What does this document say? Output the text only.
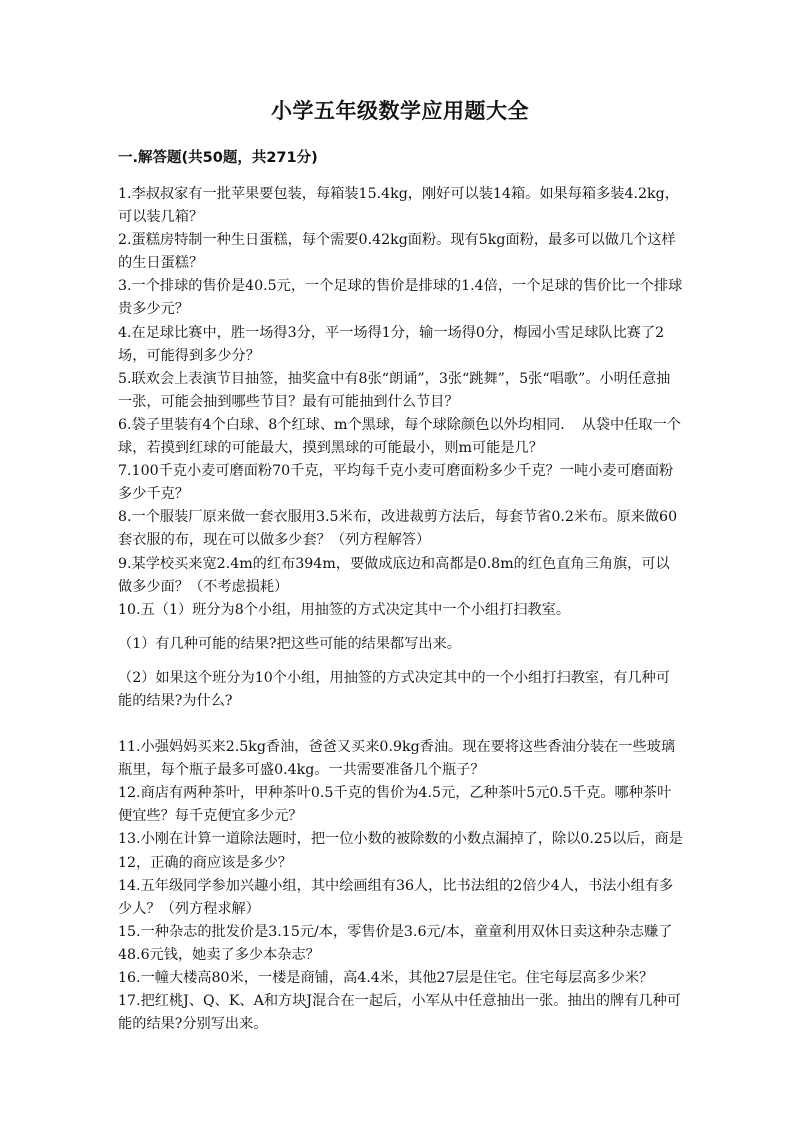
小学五年级数学应用题大全
一.解答题(共50题，共271分)

1.李叔叔家有一批苹果要包装，每箱装15.4kg，刚好可以装14箱。如果每箱多装4.2kg，可以装几箱？

2.蛋糕房特制一种生日蛋糕，每个需要0.42kg面粉。现有5kg面粉，最多可以做几个这样的生日蛋糕？

3.一个排球的售价是40.5元，一个足球的售价是排球的1.4倍，一个足球的售价比一个排球贵多少元？

4.在足球比赛中，胜一场得3分，平一场得1分，输一场得0分，梅园小雪足球队比赛了2场，可能得到多少分？

5.联欢会上表演节目抽签，抽奖盒中有8张“朗诵”，3张“跳舞”，5张“唱歌”。小明任意抽一张，可能会抽到哪些节目？最有可能抽到什么节目？

6.袋子里装有4个白球、8个红球、m个黑球，每个球除颜色以外均相同．　从袋中任取一个球，若摸到红球的可能最大，摸到黑球的可能最小，则m可能是几？

7.100千克小麦可磨面粉70千克，平均每千克小麦可磨面粉多少千克？一吨小麦可磨面粉多少千克？

8.一个服装厂原来做一套衣服用3.5米布，改进裁剪方法后，每套节省0.2米布。原来做60套衣服的布，现在可以做多少套？（列方程解答）

9.某学校买来宽2.4m的红布394m，要做成底边和高都是0.8m的红色直角三角旗，可以做多少面？（不考虑损耗）

10.五（1）班分为8个小组，用抽签的方式决定其中一个小组打扫教室。

（1）有几种可能的结果?把这些可能的结果都写出来。

（2）如果这个班分为10个小组，用抽签的方式决定其中的一个小组打扫教室，有几种可能的结果?为什么?

11.小强妈妈买来2.5kg香油，爸爸又买来0.9kg香油。现在要将这些香油分装在一些玻璃瓶里，每个瓶子最多可盛0.4kg。一共需要准备几个瓶子？

12.商店有两种茶叶，甲种茶叶0.5千克的售价为4.5元，乙种茶叶5元0.5千克。哪种茶叶便宜些？每千克便宜多少元？

13.小刚在计算一道除法题时，把一位小数的被除数的小数点漏掉了，除以0.25以后，商是12，正确的商应该是多少？

14.五年级同学参加兴趣小组，其中绘画组有36人，比书法组的2倍少4人，书法小组有多少人？（列方程求解）

15.一种杂志的批发价是3.15元/本，零售价是3.6元/本，童童利用双休日卖这种杂志赚了48.6元钱，她卖了多少本杂志？

16.一幢大楼高80米，一楼是商铺，高4.4米，其他27层是住宅。住宅每层高多少米？

17.把红桃J、Q、K、A和方块J混合在一起后，小军从中任意抽出一张。抽出的牌有几种可能的结果?分别写出来。
